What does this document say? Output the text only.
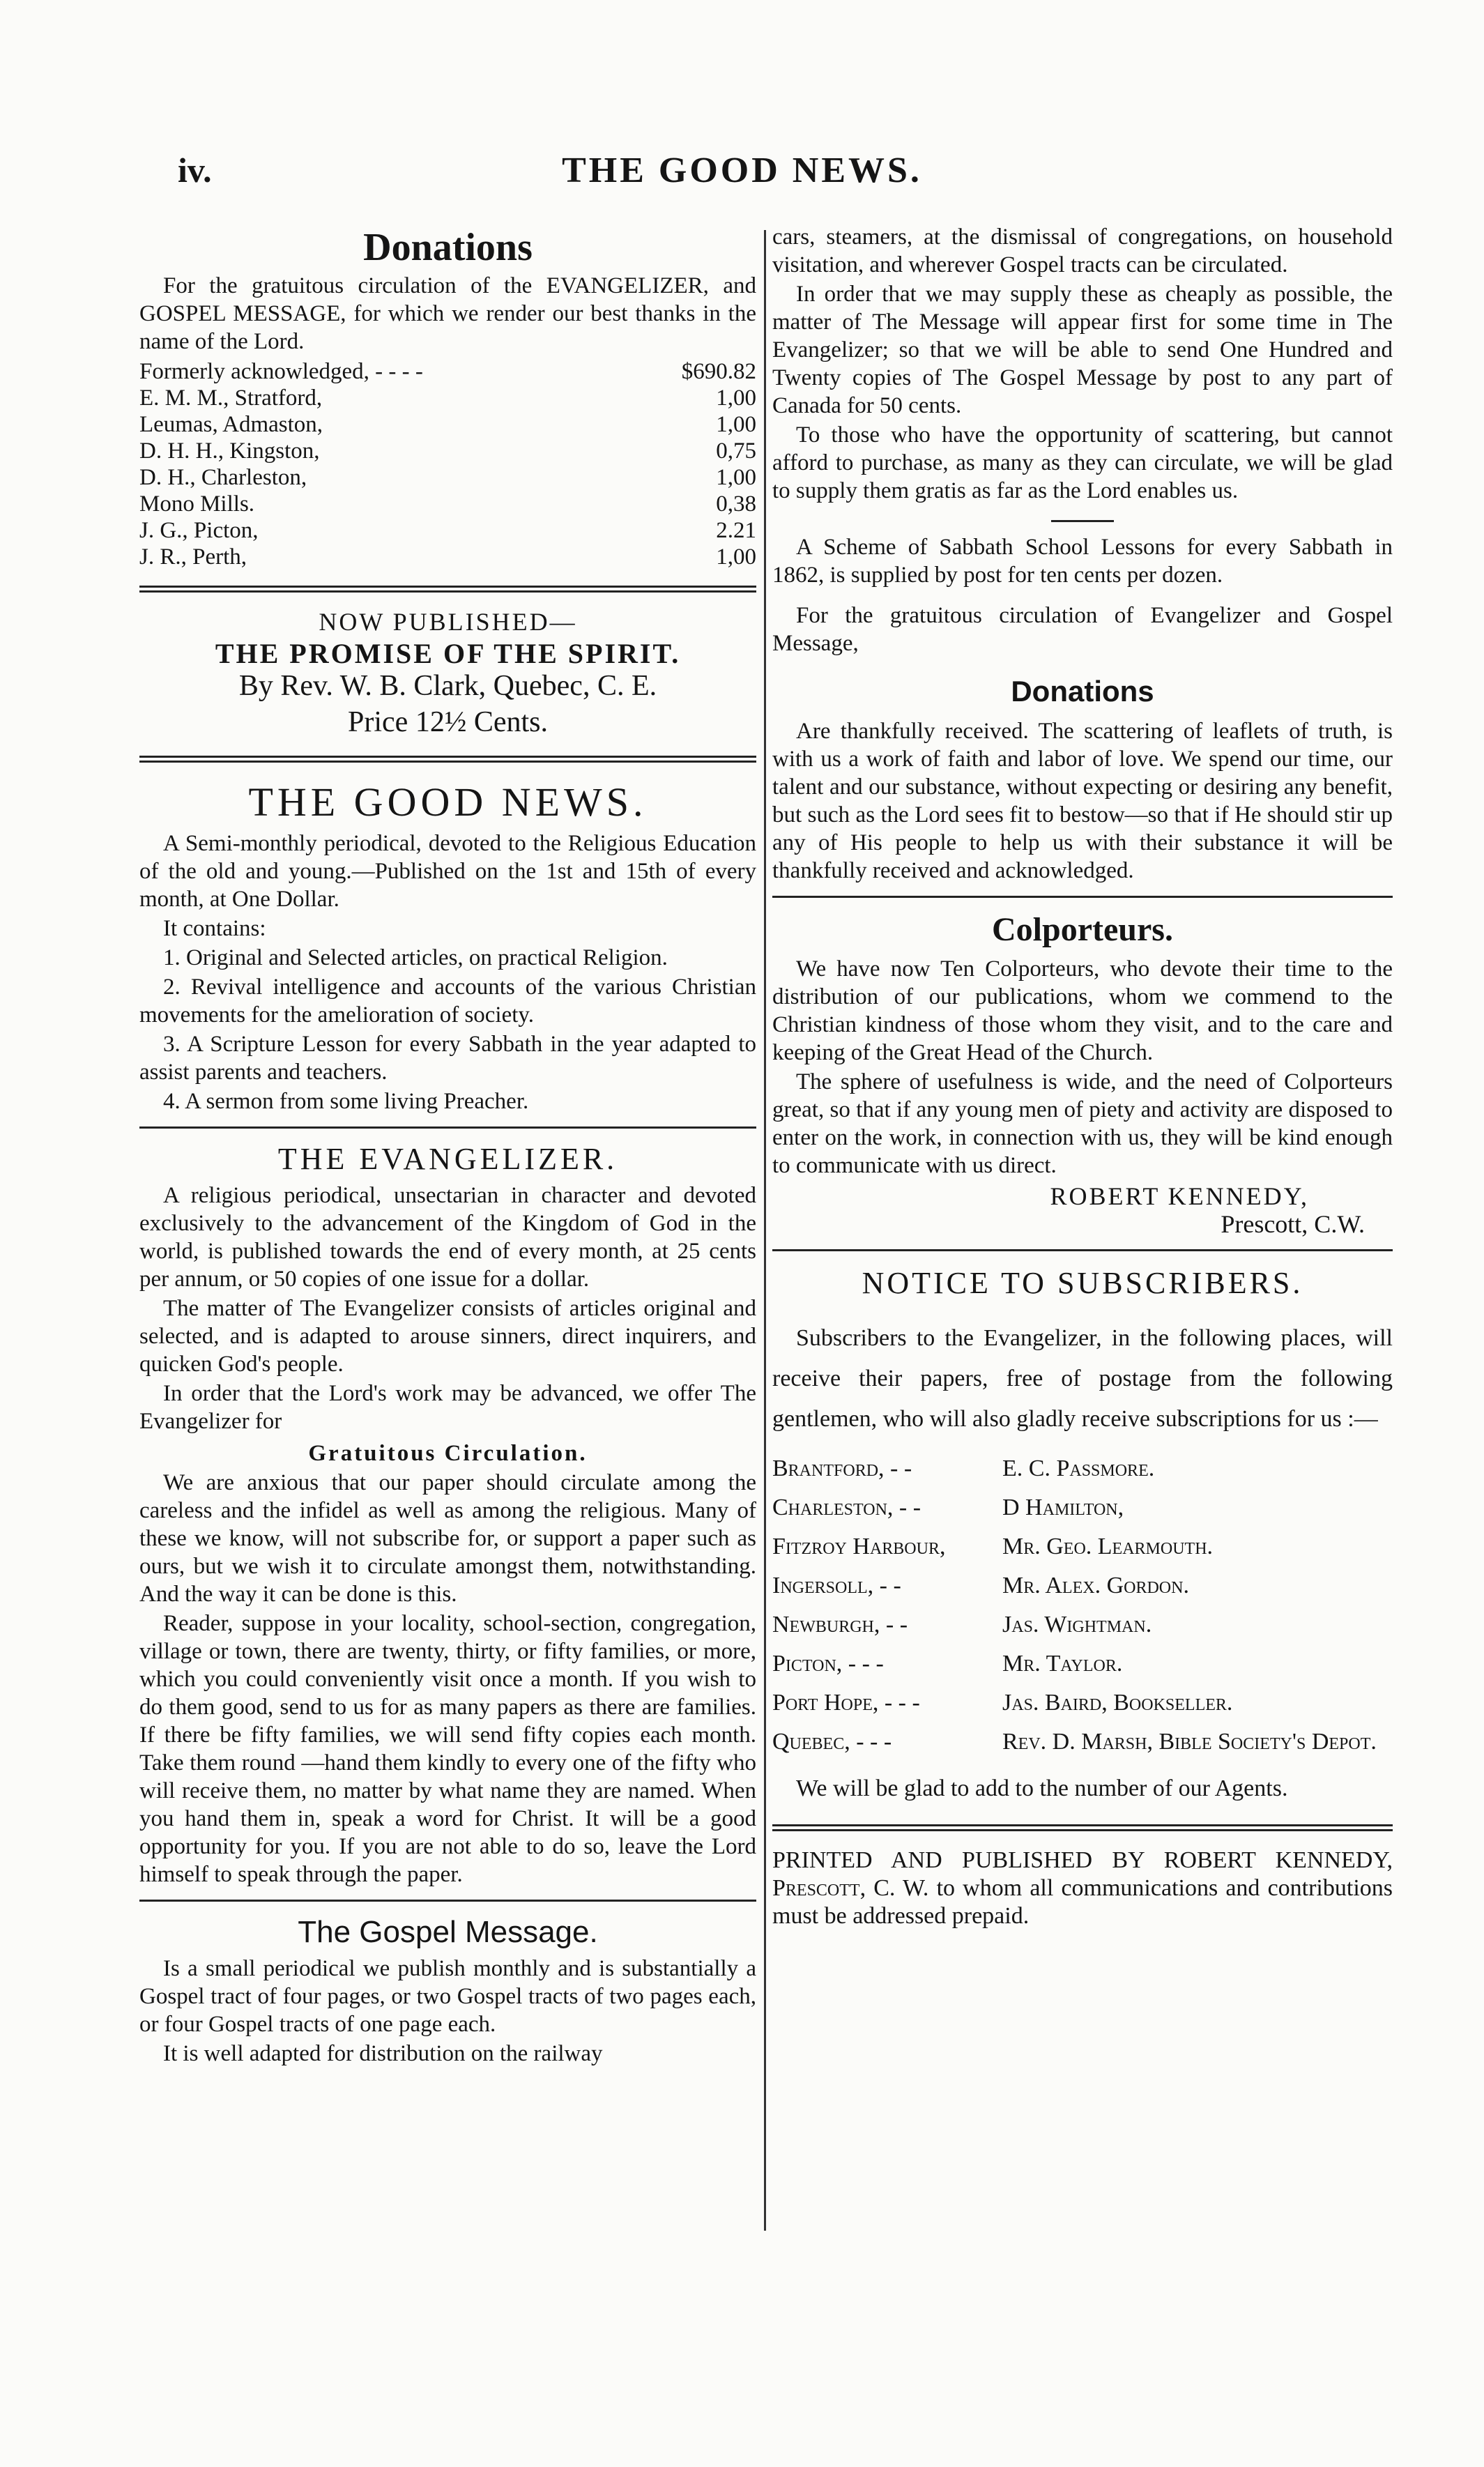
iv.	THE GOOD NEWS.
Donations

For the gratuitous circulation of the EVANGELIZER, and GOSPEL MESSAGE, for which we render our best thanks in the name of the Lord.

Formerly acknowledged, - - - -	$690.82
E. M. M., Stratford,	1,00
Leumas, Admaston,	1,00
D. H. H., Kingston,	0,75
D. H., Charleston,	1,00
Mono Mills.	0,38
J. G., Picton,	2.21
J. R., Perth,	1,00
NOW PUBLISHED—
THE PROMISE OF THE SPIRIT.
By Rev. W. B. Clark, Quebec, C. E.
Price 12½ Cents.
THE GOOD NEWS.

A Semi-monthly periodical, devoted to the Religious Education of the old and young.—Published on the 1st and 15th of every month, at One Dollar.

It contains:

1. Original and Selected articles, on practical Religion.

2. Revival intelligence and accounts of the various Christian movements for the amelioration of society.

3. A Scripture Lesson for every Sabbath in the year adapted to assist parents and teachers.

4. A sermon from some living Preacher.

THE EVANGELIZER.

A religious periodical, unsectarian in character and devoted exclusively to the advancement of the Kingdom of God in the world, is published towards the end of every month, at 25 cents per annum, or 50 copies of one issue for a dollar.

The matter of The Evangelizer consists of articles original and selected, and is adapted to arouse sinners, direct inquirers, and quicken God's people.

In order that the Lord's work may be advanced, we offer The Evangelizer for

Gratuitous Circulation.

We are anxious that our paper should circulate among the careless and the infidel as well as among the religious. Many of these we know, will not subscribe for, or support a paper such as ours, but we wish it to circulate amongst them, notwithstanding. And the way it can be done is this.

Reader, suppose in your locality, school-section, congregation, village or town, there are twenty, thirty, or fifty families, or more, which you could conveniently visit once a month. If you wish to do them good, send to us for as many papers as there are families. If there be fifty families, we will send fifty copies each month. Take them round —hand them kindly to every one of the fifty who will receive them, no matter by what name they are named. When you hand them in, speak a word for Christ. It will be a good opportunity for you. If you are not able to do so, leave the Lord himself to speak through the paper.

The Gospel Message.

Is a small periodical we publish monthly and is substantially a Gospel tract of four pages, or two Gospel tracts of two pages each, or four Gospel tracts of one page each.

It is well adapted for distribution on the railway

cars, steamers, at the dismissal of congregations, on household visitation, and wherever Gospel tracts can be circulated.

In order that we may supply these as cheaply as possible, the matter of The Message will appear first for some time in The Evangelizer; so that we will be able to send One Hundred and Twenty copies of The Gospel Message by post to any part of Canada for 50 cents.

To those who have the opportunity of scattering, but cannot afford to purchase, as many as they can circulate, we will be glad to supply them gratis as far as the Lord enables us.

A Scheme of Sabbath School Lessons for every Sabbath in 1862, is supplied by post for ten cents per dozen.

For the gratuitous circulation of Evangelizer and Gospel Message,

Donations

Are thankfully received. The scattering of leaflets of truth, is with us a work of faith and labor of love. We spend our time, our talent and our substance, without expecting or desiring any benefit, but such as the Lord sees fit to bestow—so that if He should stir up any of His people to help us with their substance it will be thankfully received and acknowledged.

Colporteurs.

We have now Ten Colporteurs, who devote their time to the distribution of our publications, whom we commend to the Christian kindness of those whom they visit, and to the care and keeping of the Great Head of the Church.

The sphere of usefulness is wide, and the need of Colporteurs great, so that if any young men of piety and activity are disposed to enter on the work, in connection with us, they will be kind enough to communicate with us direct.

ROBERT KENNEDY,
Prescott, C.W.
NOTICE TO SUBSCRIBERS.

Subscribers to the Evangelizer, in the following places, will receive their papers, free of postage from the following gentlemen, who will also gladly receive subscriptions for us :—

Brantford, - -	E. C. Passmore.
Charleston, - -	D Hamilton,
Fitzroy Harbour,	Mr. Geo. Learmouth.
Ingersoll, - -	Mr. Alex. Gordon.
Newburgh, - -	Jas. Wightman.
Picton, - - -	Mr. Taylor.
Port Hope, - - -	Jas. Baird, Bookseller.
Quebec, - - -	Rev. D. Marsh, Bible Society's Depot.

We will be glad to add to the number of our Agents.

PRINTED AND PUBLISHED BY ROBERT KENNEDY, Prescott, C. W. to whom all communications and contributions must be addressed prepaid.
